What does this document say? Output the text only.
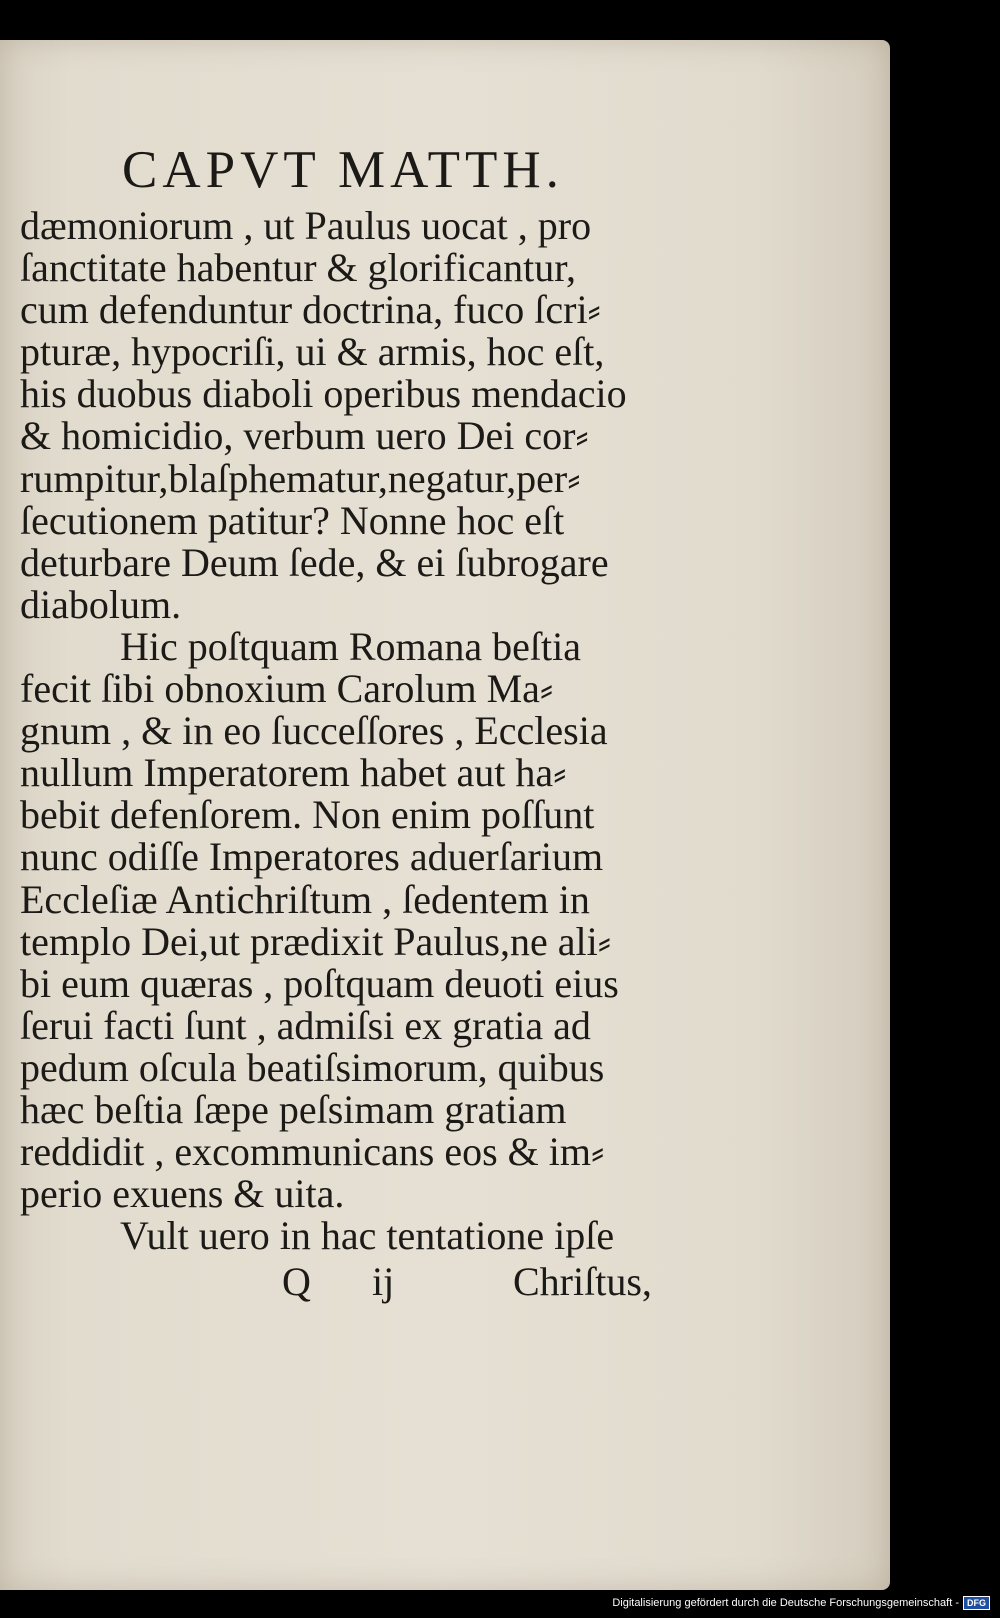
CAPVT MATTH.
dæmoniorum , ut Paulus uocat , pro
ſanctitate habentur & glorificantur,
cum defenduntur doctrina, fuco ſcri⸗
pturæ, hypocriſi, ui & armis, hoc eſt,
his duobus diaboli operibus mendacio
& homicidio, verbum uero Dei cor⸗
rumpitur,blaſphematur,negatur,per⸗
ſecutionem patitur? Nonne hoc eſt
deturbare Deum ſede, & ei ſubrogare
diabolum.
Hic poſtquam Romana beſtia
fecit ſibi obnoxium Carolum Ma⸗
gnum , & in eo ſucceſſores , Ecclesia
nullum Imperatorem habet aut ha⸗
bebit defenſorem. Non enim poſſunt
nunc odiſſe Imperatores aduerſarium
Eccleſiæ Antichriſtum , ſedentem in
templo Dei,ut prædixit Paulus,ne ali⸗
bi eum quæras , poſtquam deuoti eius
ſerui facti ſunt , admiſsi ex gratia ad
pedum oſcula beatiſsimorum, quibus
hæc beſtia ſæpe peſsimam gratiam
reddidit , excommunicans eos & im⸗
perio exuens & uita.
Vult uero in hac tentatione ipſe
Q ij	Chriſtus,
Digitalisierung gefördert durch die Deutsche Forschungsgemeinschaft - DFG
